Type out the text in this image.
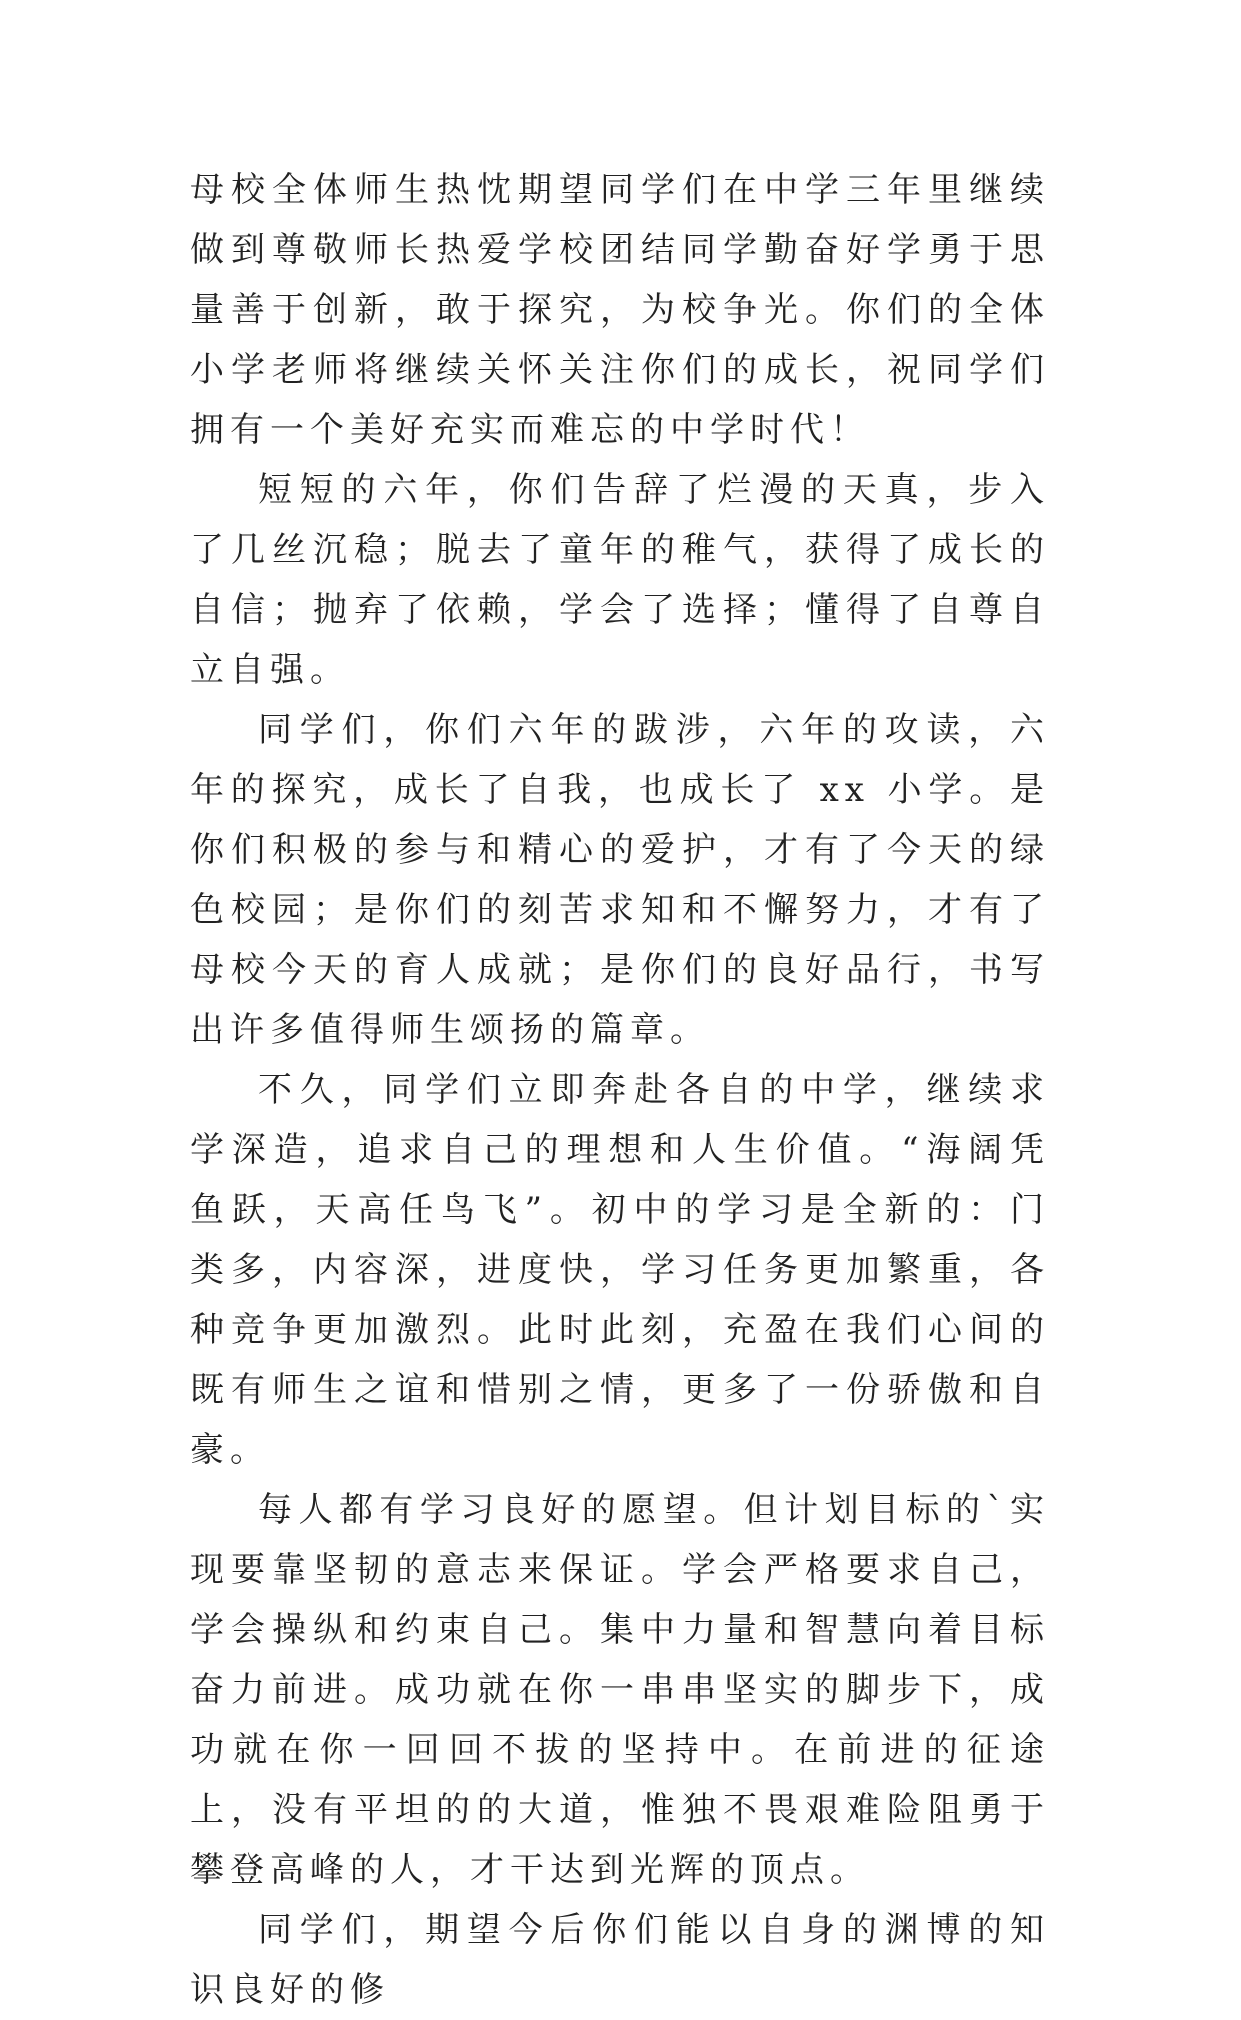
母校全体师生热忱期望同学们在中学三年里继续做到尊敬师长热爱学校团结同学勤奋好学勇于思量善于创新，敢于探究，为校争光。你们的全体小学老师将继续关怀关注你们的成长，祝同学们拥有一个美好充实而难忘的中学时代！

短短的六年，你们告辞了烂漫的天真，步入了几丝沉稳；脱去了童年的稚气，获得了成长的自信；抛弃了依赖，学会了选择；懂得了自尊自立自强。

同学们，你们六年的跋涉，六年的攻读，六年的探究，成长了自我，也成长了 xx 小学。是你们积极的参与和精心的爱护，才有了今天的绿色校园；是你们的刻苦求知和不懈努力，才有了母校今天的育人成就；是你们的良好品行，书写出许多值得师生颂扬的篇章。

不久，同学们立即奔赴各自的中学，继续求学深造，追求自己的理想和人生价值。“海阔凭鱼跃，天高任鸟飞”。初中的学习是全新的：门类多，内容深，进度快，学习任务更加繁重，各种竞争更加激烈。此时此刻，充盈在我们心间的既有师生之谊和惜别之情，更多了一份骄傲和自豪。

每人都有学习良好的愿望。但计划目标的`实现要靠坚韧的意志来保证。学会严格要求自己，学会操纵和约束自己。集中力量和智慧向着目标奋力前进。成功就在你一串串坚实的脚步下，成功就在你一回回不拔的坚持中。在前进的征途上，没有平坦的的大道，惟独不畏艰难险阻勇于攀登高峰的人，才干达到光辉的顶点。

同学们，期望今后你们能以自身的渊博的知识良好的修
